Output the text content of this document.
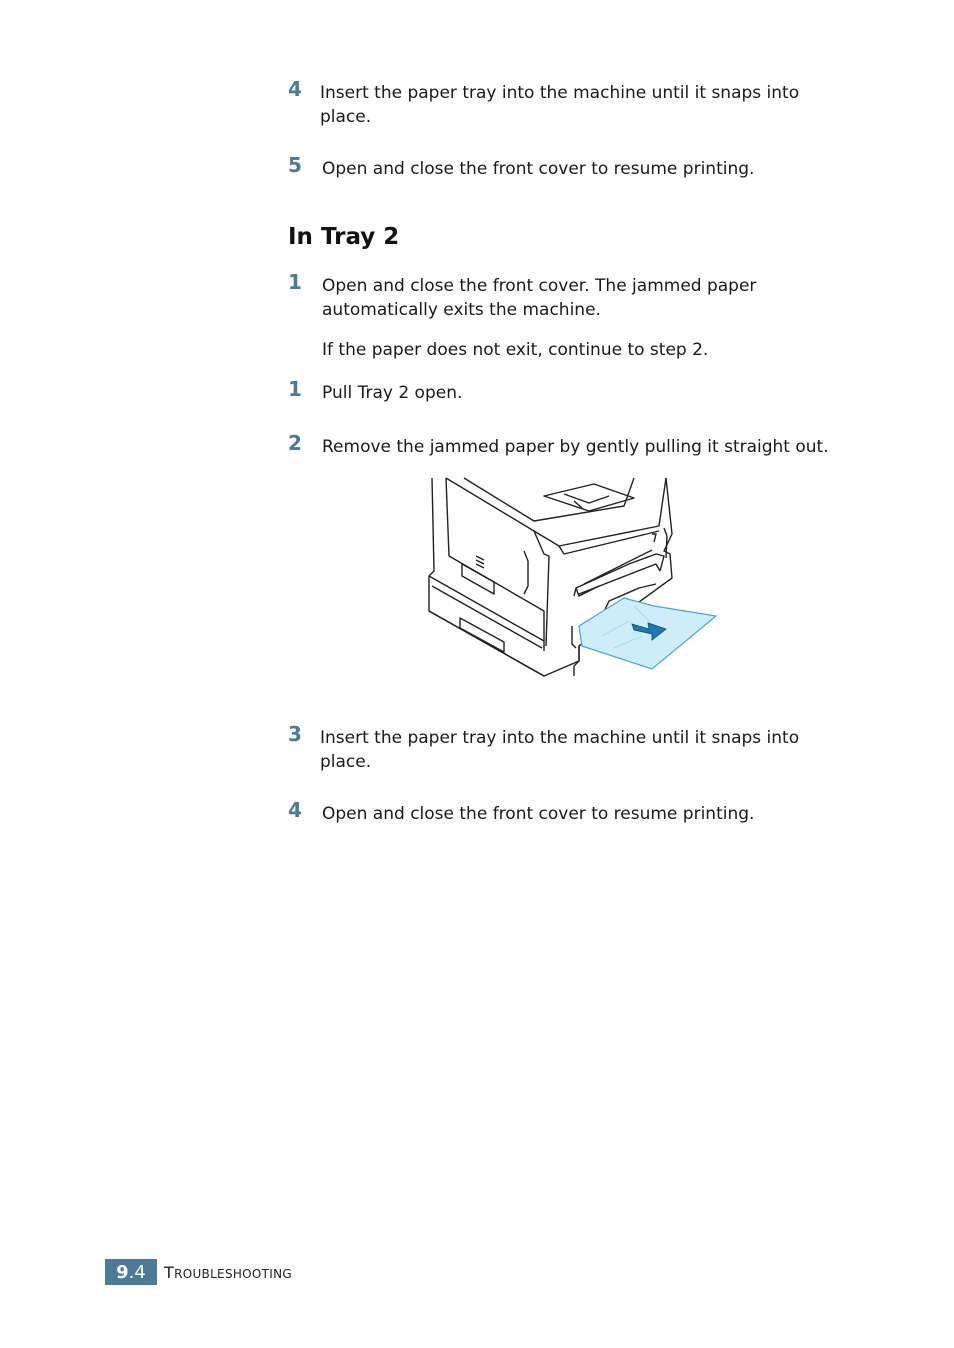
4 Insert the paper tray into the machine until it snaps into place.
5 Open and close the front cover to resume printing.
In Tray 2
1 Open and close the front cover. The jammed paper automatically exits the machine.
If the paper does not exit, continue to step 2.
1 Pull Tray 2 open.
2 Remove the jammed paper by gently pulling it straight out.
3 Insert the paper tray into the machine until it snaps into place.
4 Open and close the front cover to resume printing.
9 .4 TROUBLESHOOTING
